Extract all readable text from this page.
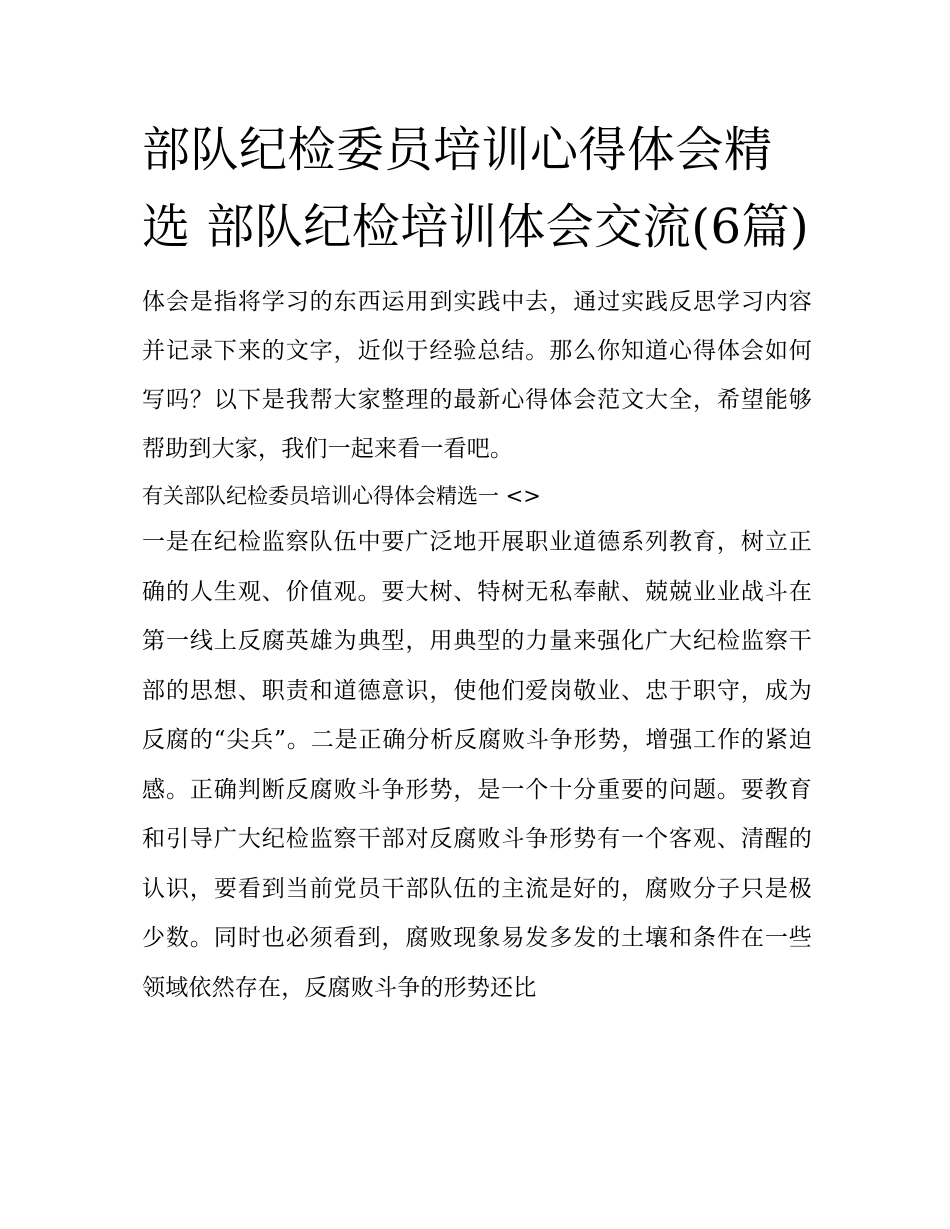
部队纪检委员培训心得体会精选 部队纪检培训体会交流(6篇)

体会是指将学习的东西运用到实践中去，通过实践反思学习内容并记录下来的文字，近似于经验总结。那么你知道心得体会如何写吗？以下是我帮大家整理的最新心得体会范文大全，希望能够帮助到大家，我们一起来看一看吧。

有关部队纪检委员培训心得体会精选一 <>

一是在纪检监察队伍中要广泛地开展职业道德系列教育，树立正确的人生观、价值观。要大树、特树无私奉献、兢兢业业战斗在第一线上反腐英雄为典型，用典型的力量来强化广大纪检监察干部的思想、职责和道德意识，使他们爱岗敬业、忠于职守，成为反腐的“尖兵”。二是正确分析反腐败斗争形势，增强工作的紧迫感。正确判断反腐败斗争形势，是一个十分重要的问题。要教育和引导广大纪检监察干部对反腐败斗争形势有一个客观、清醒的认识，要看到当前党员干部队伍的主流是好的，腐败分子只是极少数。同时也必须看到，腐败现象易发多发的土壤和条件在一些领域依然存在，反腐败斗争的形势还比
